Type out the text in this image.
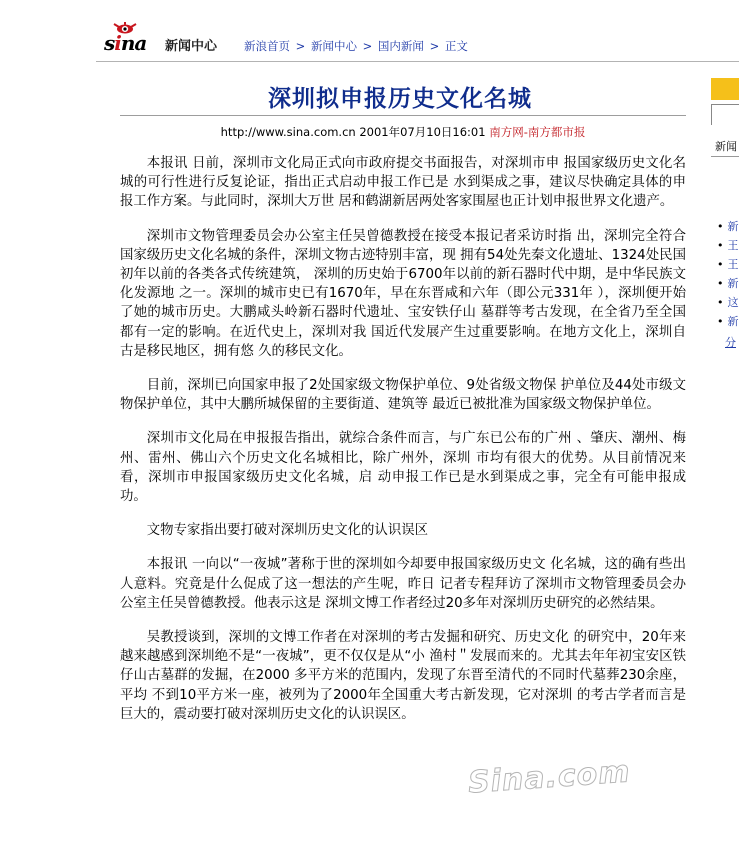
sina 新闻中心 新浪首页 > 新闻中心 > 国内新闻 > 正文
深圳拟申报历史文化名城
http://www.sina.com.cn 2001年07月10日16:01 南方网-南方都市报

本报讯 日前，深圳市文化局正式向市政府提交书面报告，对深圳市申 报国家级历史文化名城的可行性进行反复论证，指出正式启动申报工作已是 水到渠成之事，建议尽快确定具体的申报工作方案。与此同时，深圳大万世 居和鹤湖新居两处客家围屋也正计划申报世界文化遗产。

深圳市文物管理委员会办公室主任吴曾德教授在接受本报记者采访时指 出，深圳完全符合国家级历史文化名城的条件，深圳文物古迹特别丰富，现 拥有54处先秦文化遗址、1324处民国初年以前的各类各式传统建筑， 深圳的历史始于6700年以前的新石器时代中期，是中华民族文化发源地 之一。深圳的城市史已有1670年，早在东晋咸和六年（即公元331年 ），深圳便开始了她的城市历史。大鹏咸头岭新石器时代遗址、宝安铁仔山 墓群等考古发现，在全省乃至全国都有一定的影响。在近代史上，深圳对我 国近代发展产生过重要影响。在地方文化上，深圳自古是移民地区，拥有悠 久的移民文化。

目前，深圳已向国家申报了2处国家级文物保护单位、9处省级文物保 护单位及44处市级文物保护单位，其中大鹏所城保留的主要街道、建筑等 最近已被批准为国家级文物保护单位。

深圳市文化局在申报报告指出，就综合条件而言，与广东已公布的广州 、肇庆、潮州、梅州、雷州、佛山六个历史文化名城相比，除广州外，深圳 市均有很大的优势。从目前情况来看，深圳市申报国家级历史文化名城，启 动申报工作已是水到渠成之事，完全有可能申报成功。

文物专家指出要打破对深圳历史文化的认识误区

本报讯 一向以“一夜城”著称于世的深圳如今却要申报国家级历史文 化名城，这的确有些出人意料。究竟是什么促成了这一想法的产生呢，昨日 记者专程拜访了深圳市文物管理委员会办公室主任吴曾德教授。他表示这是 深圳文博工作者经过20多年对深圳历史研究的必然结果。

吴教授谈到，深圳的文博工作者在对深圳的考古发掘和研究、历史文化 的研究中，20年来越来越感到深圳绝不是“一夜城”，更不仅仅是从“小 渔村＂发展而来的。尤其去年年初宝安区铁仔山古墓群的发掘，在2000 多平方米的范围内，发现了东晋至清代的不同时代墓葬230余座，平均 不到10平方米一座，被列为了2000年全国重大考古新发现，它对深圳 的考古学者而言是巨大的，震动要打破对深圳历史文化的认识误区。

新闻
• 新
• 王
• 王
• 新
• 这
• 新
分
Sina.com
